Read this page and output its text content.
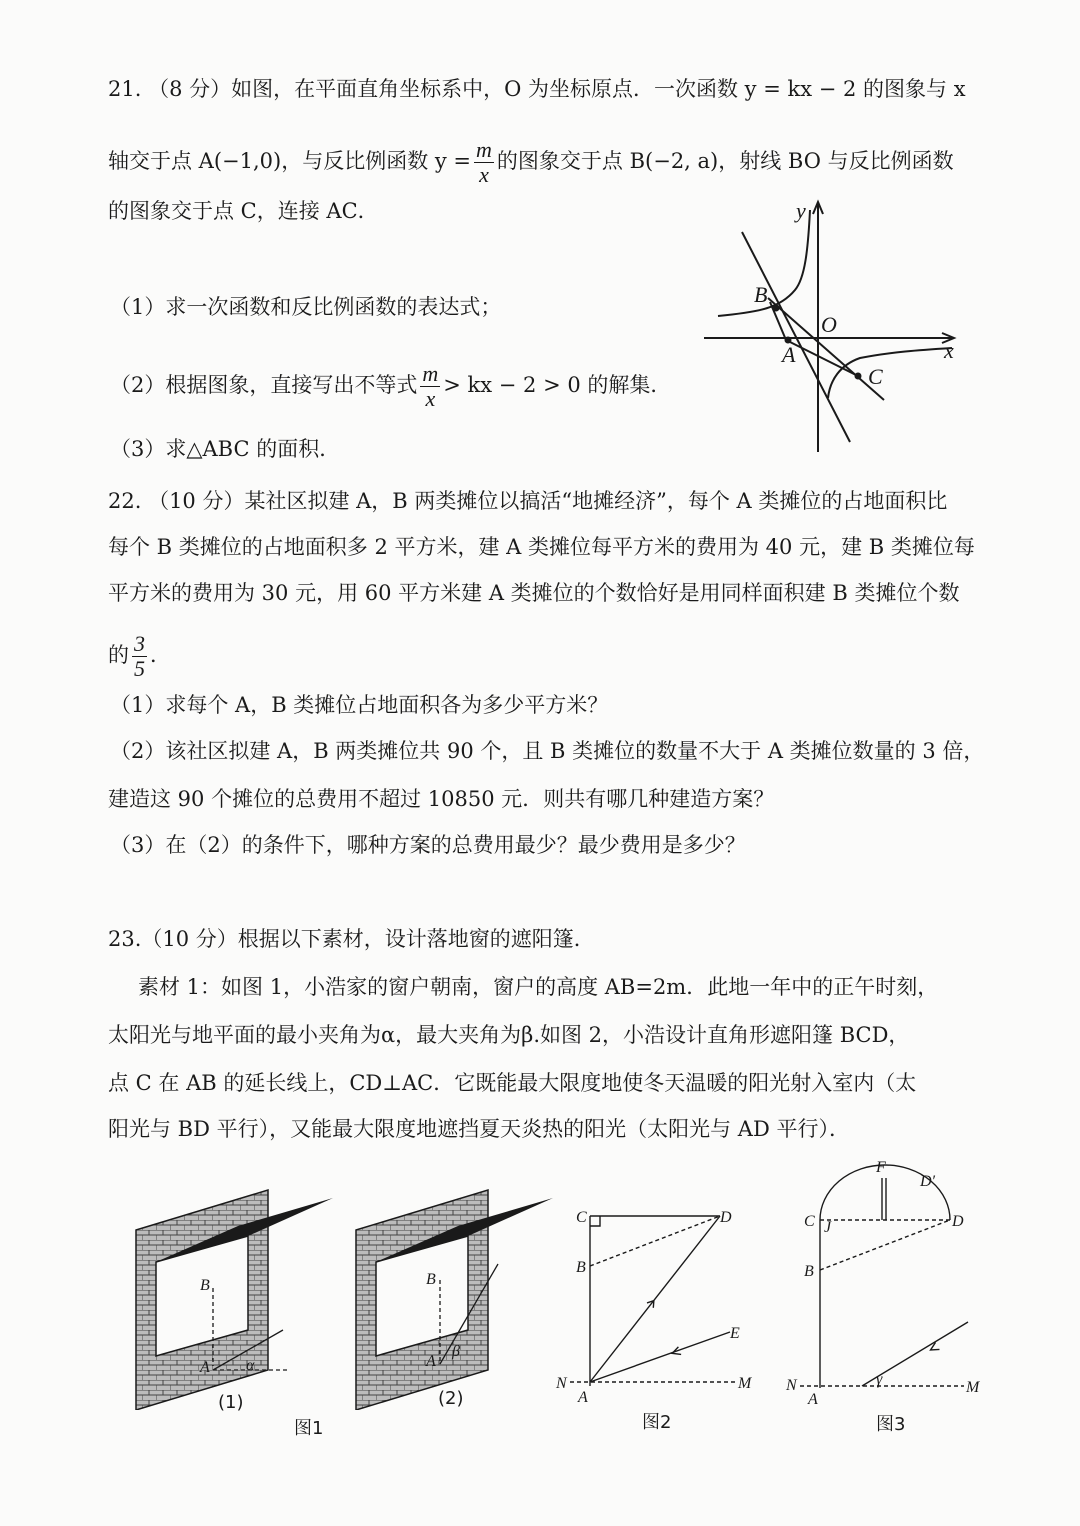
21. （8 分）如图，在平面直角坐标系中，O 为坐标原点．一次函数 y = kx − 2 的图象与 x
轴交于点 A(−1,0)，与反比例函数 $y = \frac{m}{x}$ 的图象交于点 B(−2, a)，射线 BO 与反比例函数
的图象交于点 C，连接 AC．
（1）求一次函数和反比例函数的表达式；
（2）根据图象，直接写出不等式 $\frac{m}{x}$ > kx − 2 > 0 的解集．
（3）求△ABC 的面积．
y
x
O
A
B
C
22. （10 分）某社区拟建 A，B 两类摊位以搞活“地摊经济”，每个 A 类摊位的占地面积比
每个 B 类摊位的占地面积多 2 平方米，建 A 类摊位每平方米的费用为 40 元，建 B 类摊位每
平方米的费用为 30 元，用 60 平方米建 A 类摊位的个数恰好是用同样面积建 B 类摊位个数
的 $\frac{3}{5}$ ．
（1）求每个 A，B 类摊位占地面积各为多少平方米？
（2）该社区拟建 A，B 两类摊位共 90 个，且 B 类摊位的数量不大于 A 类摊位数量的 3 倍，
建造这 90 个摊位的总费用不超过 10850 元．则共有哪几种建造方案？
（3）在（2）的条件下，哪种方案的总费用最少？最少费用是多少？
23.（10 分）根据以下素材，设计落地窗的遮阳篷．
素材 1：如图 1，小浩家的窗户朝南，窗户的高度 AB=2m．此地一年中的正午时刻，
太阳光与地平面的最小夹角为α，最大夹角为β.如图 2，小浩设计直角形遮阳篷 BCD，
点 C 在 AB 的延长线上，CD⊥AC．它既能最大限度地使冬天温暖的阳光射入室内（太
阳光与 BD 平行），又能最大限度地遮挡夏天炎热的阳光（太阳光与 AD 平行）．
B
A α
(1)
B
A
β
(2)
图1
C	D
B
E
N
A
M
图2
F
D′
C J	D
B
N
A
γ	M
图3
